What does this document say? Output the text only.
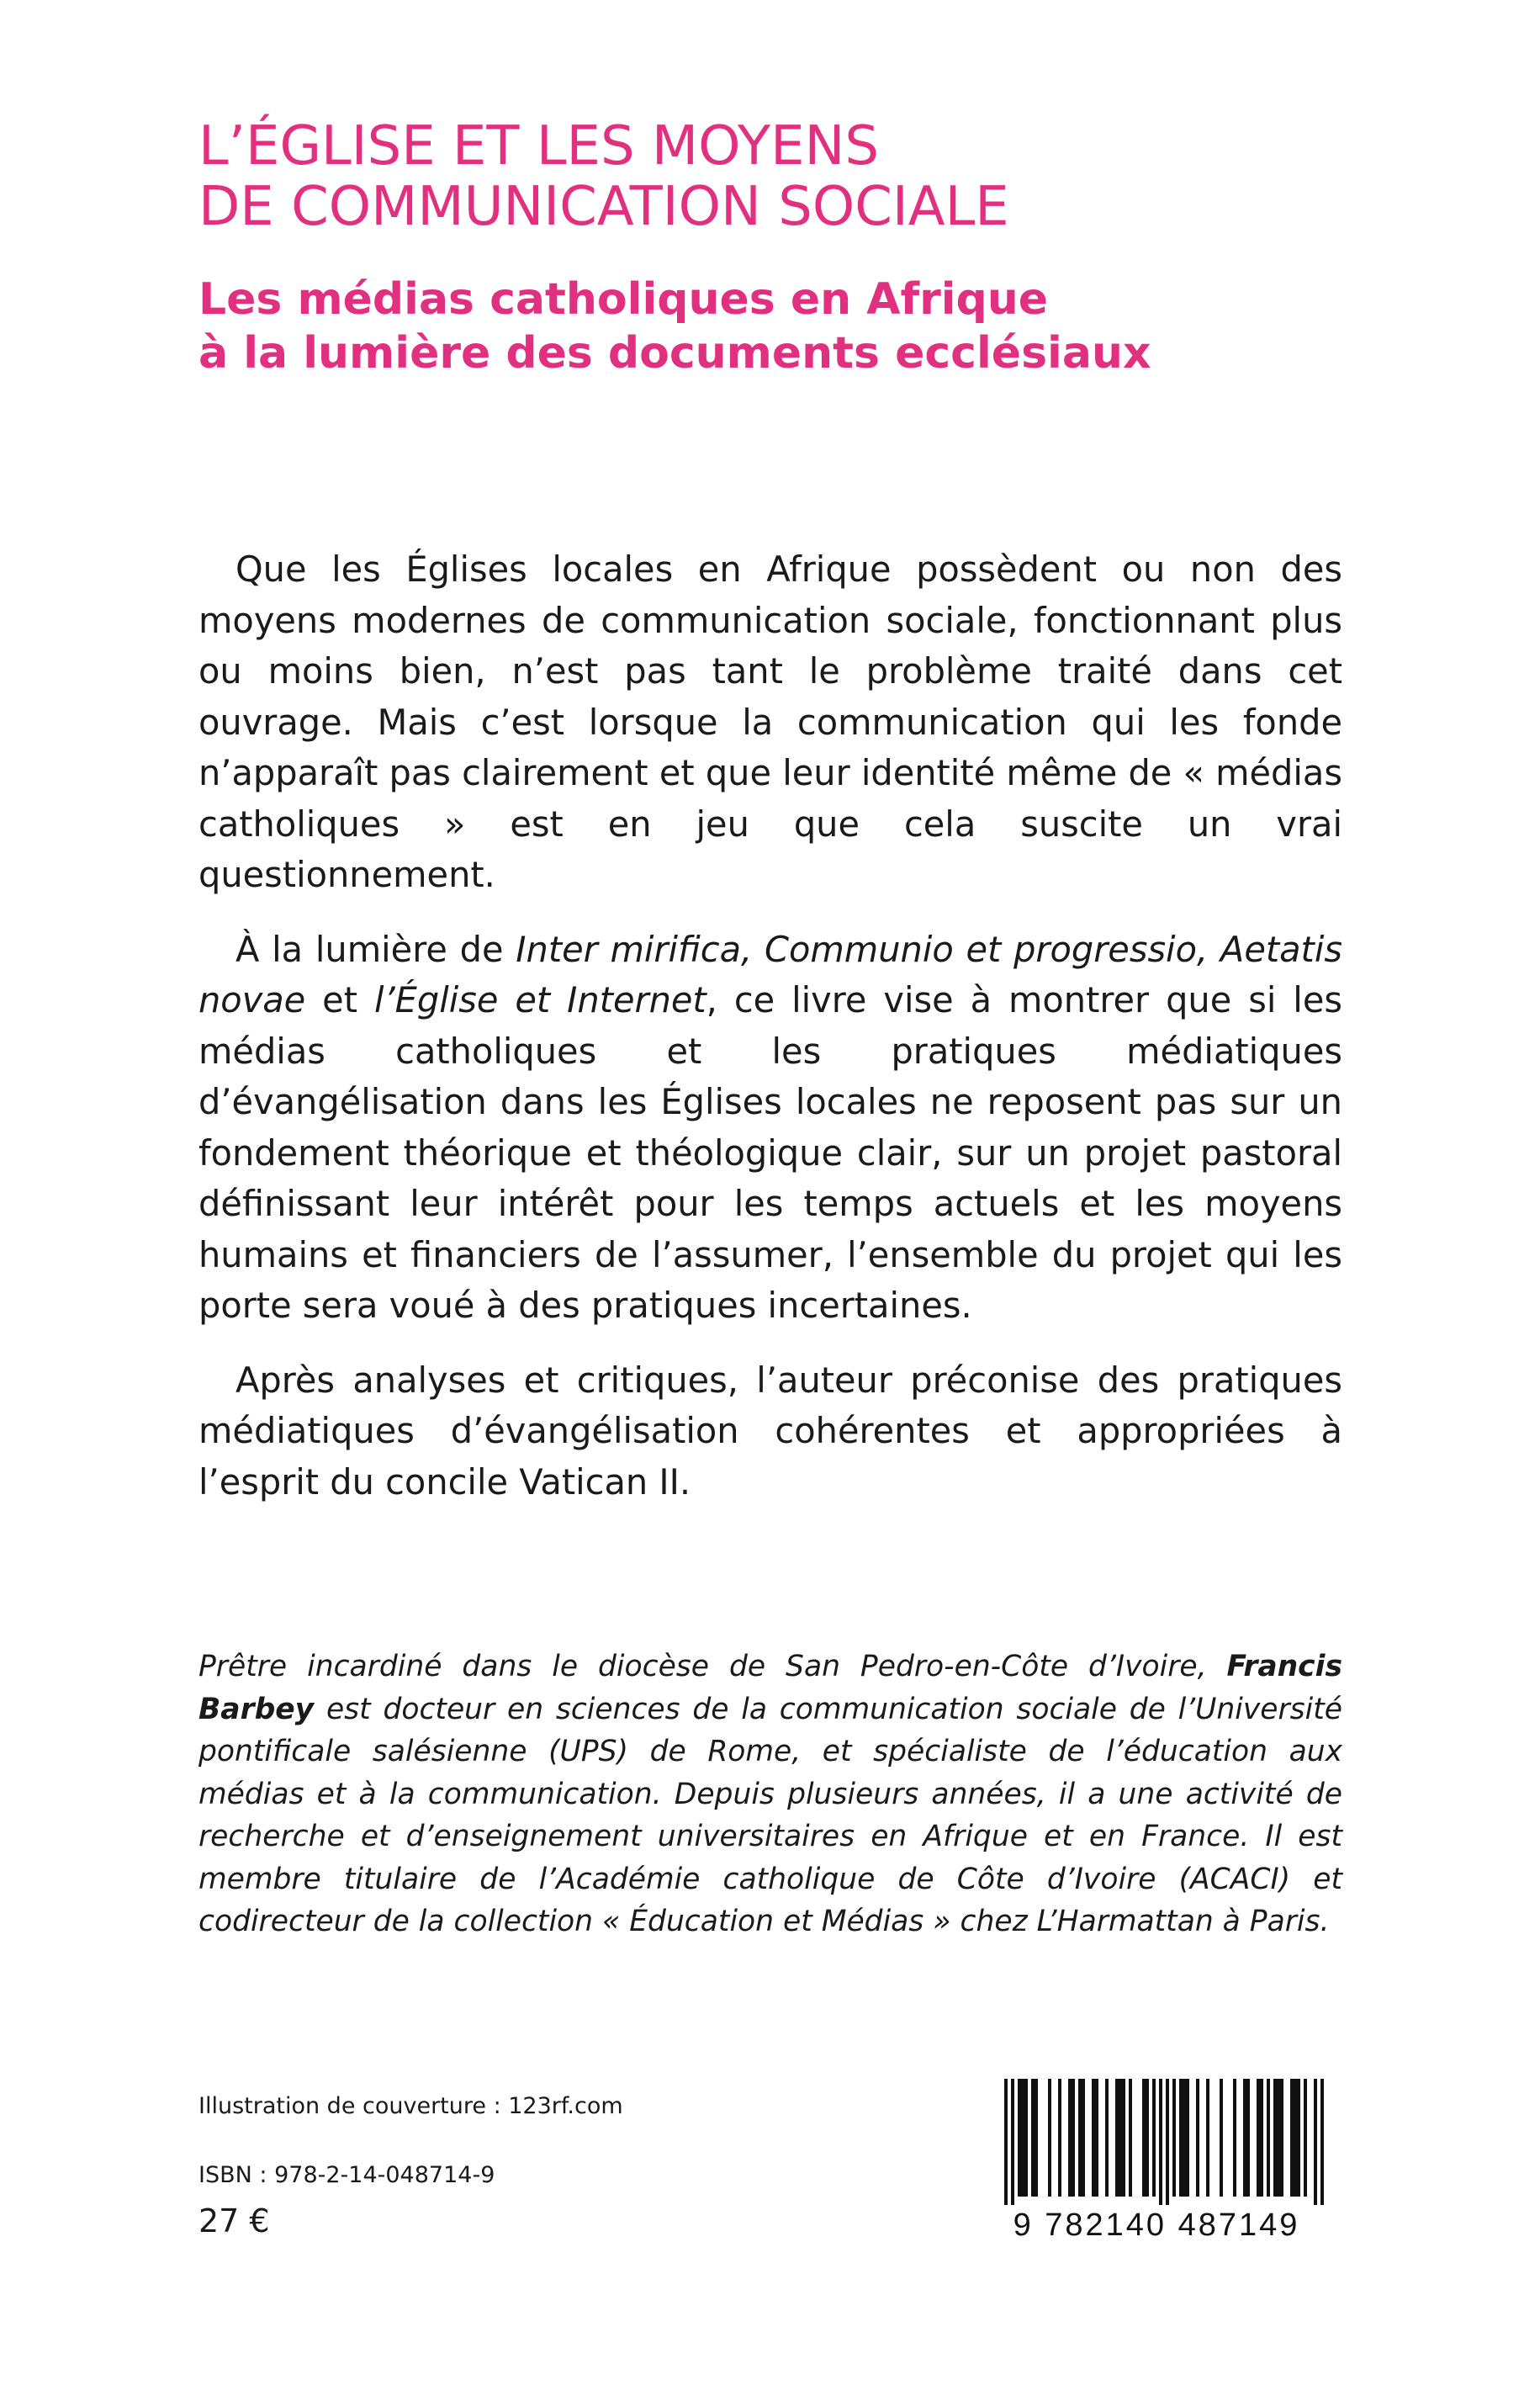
L’ÉGLISE ET LES MOYENS
DE COMMUNICATION SOCIALE
Les médias catholiques en Afrique
à la lumière des documents ecclésiaux

Que les Églises locales en Afrique possèdent ou non des moyens modernes de communication sociale, fonctionnant plus ou moins bien, n’est pas tant le problème traité dans cet ouvrage. Mais c’est lorsque la communication qui les fonde n’apparaît pas clairement et que leur identité même de « médias catholiques » est en jeu que cela suscite un vrai questionnement.

À la lumière de Inter mirifica, Communio et progressio, Aetatis novae et l’Église et Internet, ce livre vise à montrer que si les médias catholiques et les pratiques médiatiques d’évangélisation dans les Églises locales ne reposent pas sur un fondement théorique et théologique clair, sur un projet pastoral définissant leur intérêt pour les temps actuels et les moyens humains et financiers de l’assumer, l’ensemble du projet qui les porte sera voué à des pratiques incertaines.

Après analyses et critiques, l’auteur préconise des pratiques médiatiques d’évangélisation cohérentes et appropriées à l’esprit du concile Vatican II.

Prêtre incardiné dans le diocèse de San Pedro-en-Côte d’Ivoire, Francis Barbey est docteur en sciences de la communication sociale de l’Université pontificale salésienne (UPS) de Rome, et spécialiste de l’éducation aux médias et à la communication. Depuis plusieurs années, il a une activité de recherche et d’enseignement universitaires en Afrique et en France. Il est membre titulaire de l’Académie catholique de Côte d’Ivoire (ACACI) et codirecteur de la collection « Éducation et Médias » chez L’Harmattan à Paris.

Illustration de couverture : 123rf.com
ISBN : 978-2-14-048714-9
27 €	9 782140 487149
